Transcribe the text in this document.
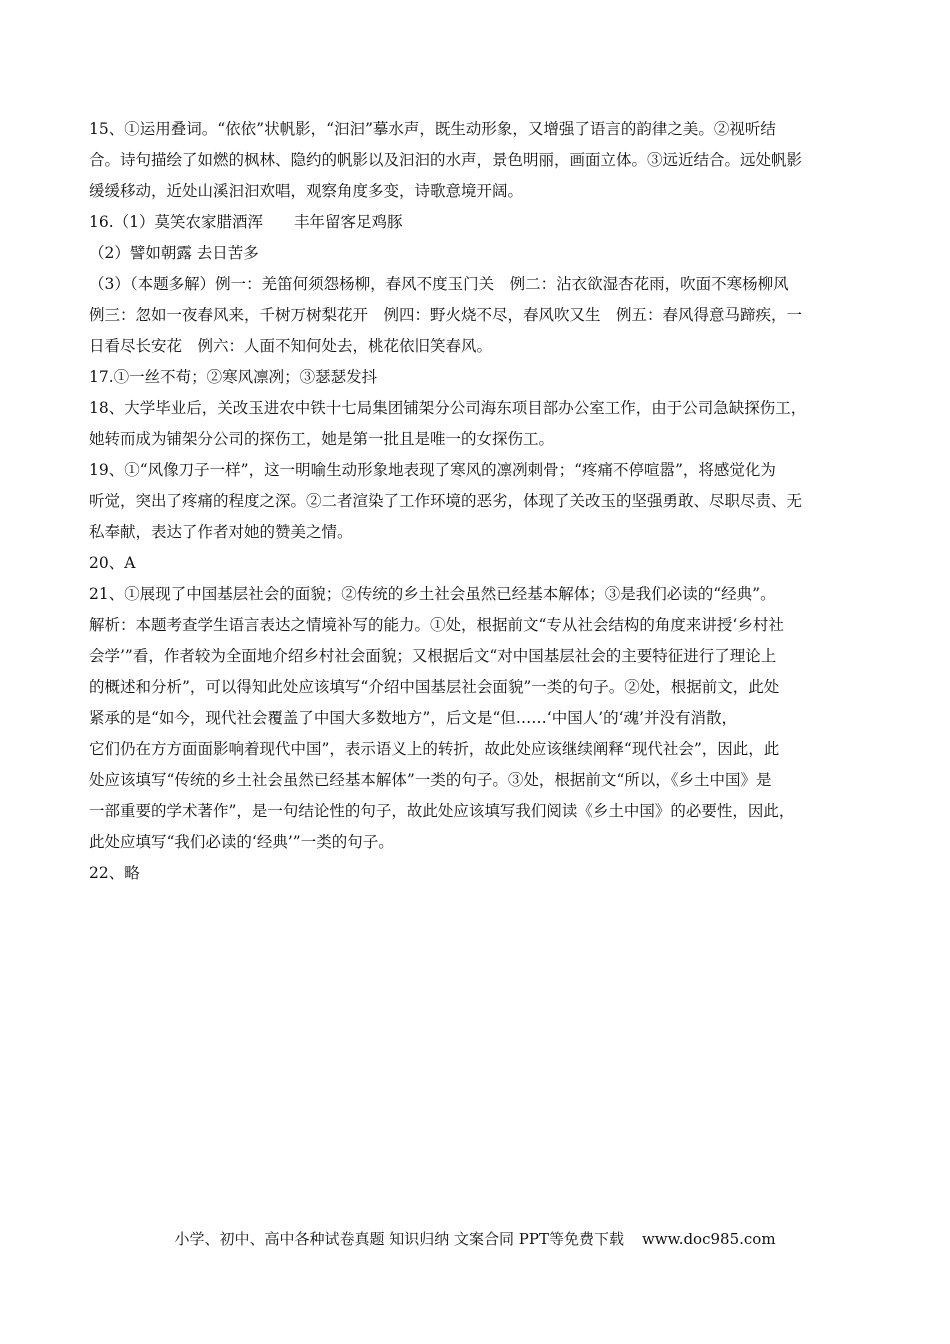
15、①运用叠词。“依依”状帆影，“汩汩”摹水声，既生动形象，又增强了语言的韵律之美。②视听结
合。诗句描绘了如燃的枫林、隐约的帆影以及汩汩的水声，景色明丽，画面立体。③远近结合。远处帆影
缓缓移动，近处山溪汩汩欢唱，观察角度多变，诗歌意境开阔。
16.（1）莫笑农家腊酒浑　　丰年留客足鸡豚
（2）譬如朝露 去日苦多
（3）（本题多解）例一：羌笛何须怨杨柳，春风不度玉门关　例二：沾衣欲湿杏花雨，吹面不寒杨柳风
例三：忽如一夜春风来，千树万树梨花开　例四：野火烧不尽，春风吹又生　例五：春风得意马蹄疾，一
日看尽长安花　例六：人面不知何处去，桃花依旧笑春风。
17.①一丝不苟；②寒风凛冽；③瑟瑟发抖
18、大学毕业后，关改玉进农中铁十七局集团铺架分公司海东项目部办公室工作，由于公司急缺探伤工，
她转而成为铺架分公司的探伤工，她是第一批且是唯一的女探伤工。
19、①“风像刀子一样”，这一明喻生动形象地表现了寒风的凛冽刺骨；“疼痛不停喧嚣”，将感觉化为
听觉，突出了疼痛的程度之深。②二者渲染了工作环境的恶劣，体现了关改玉的坚强勇敢、尽职尽责、无
私奉献，表达了作者对她的赞美之情。
20、A
21、①展现了中国基层社会的面貌；②传统的乡土社会虽然已经基本解体；③是我们必读的“经典”。
解析：本题考查学生语言表达之情境补写的能力。①处，根据前文“专从社会结构的角度来讲授‘乡村社
会学’”看，作者较为全面地介绍乡村社会面貌；又根据后文“对中国基层社会的主要特征进行了理论上
的概述和分析”，可以得知此处应该填写“介绍中国基层社会面貌”一类的句子。②处，根据前文，此处
紧承的是“如今，现代社会覆盖了中国大多数地方”，后文是“但……‘中国人’的‘魂’并没有消散，
它们仍在方方面面影响着现代中国”，表示语义上的转折，故此处应该继续阐释“现代社会”，因此，此
处应该填写“传统的乡土社会虽然已经基本解体”一类的句子。③处，根据前文“所以，《乡土中国》是
一部重要的学术著作”，是一句结论性的句子，故此处应该填写我们阅读《乡土中国》的必要性，因此，
此处应填写“我们必读的‘经典’”一类的句子。
22、略
小学、初中、高中各种试卷真题 知识归纳 文案合同 PPT等免费下载 www.doc985.com
